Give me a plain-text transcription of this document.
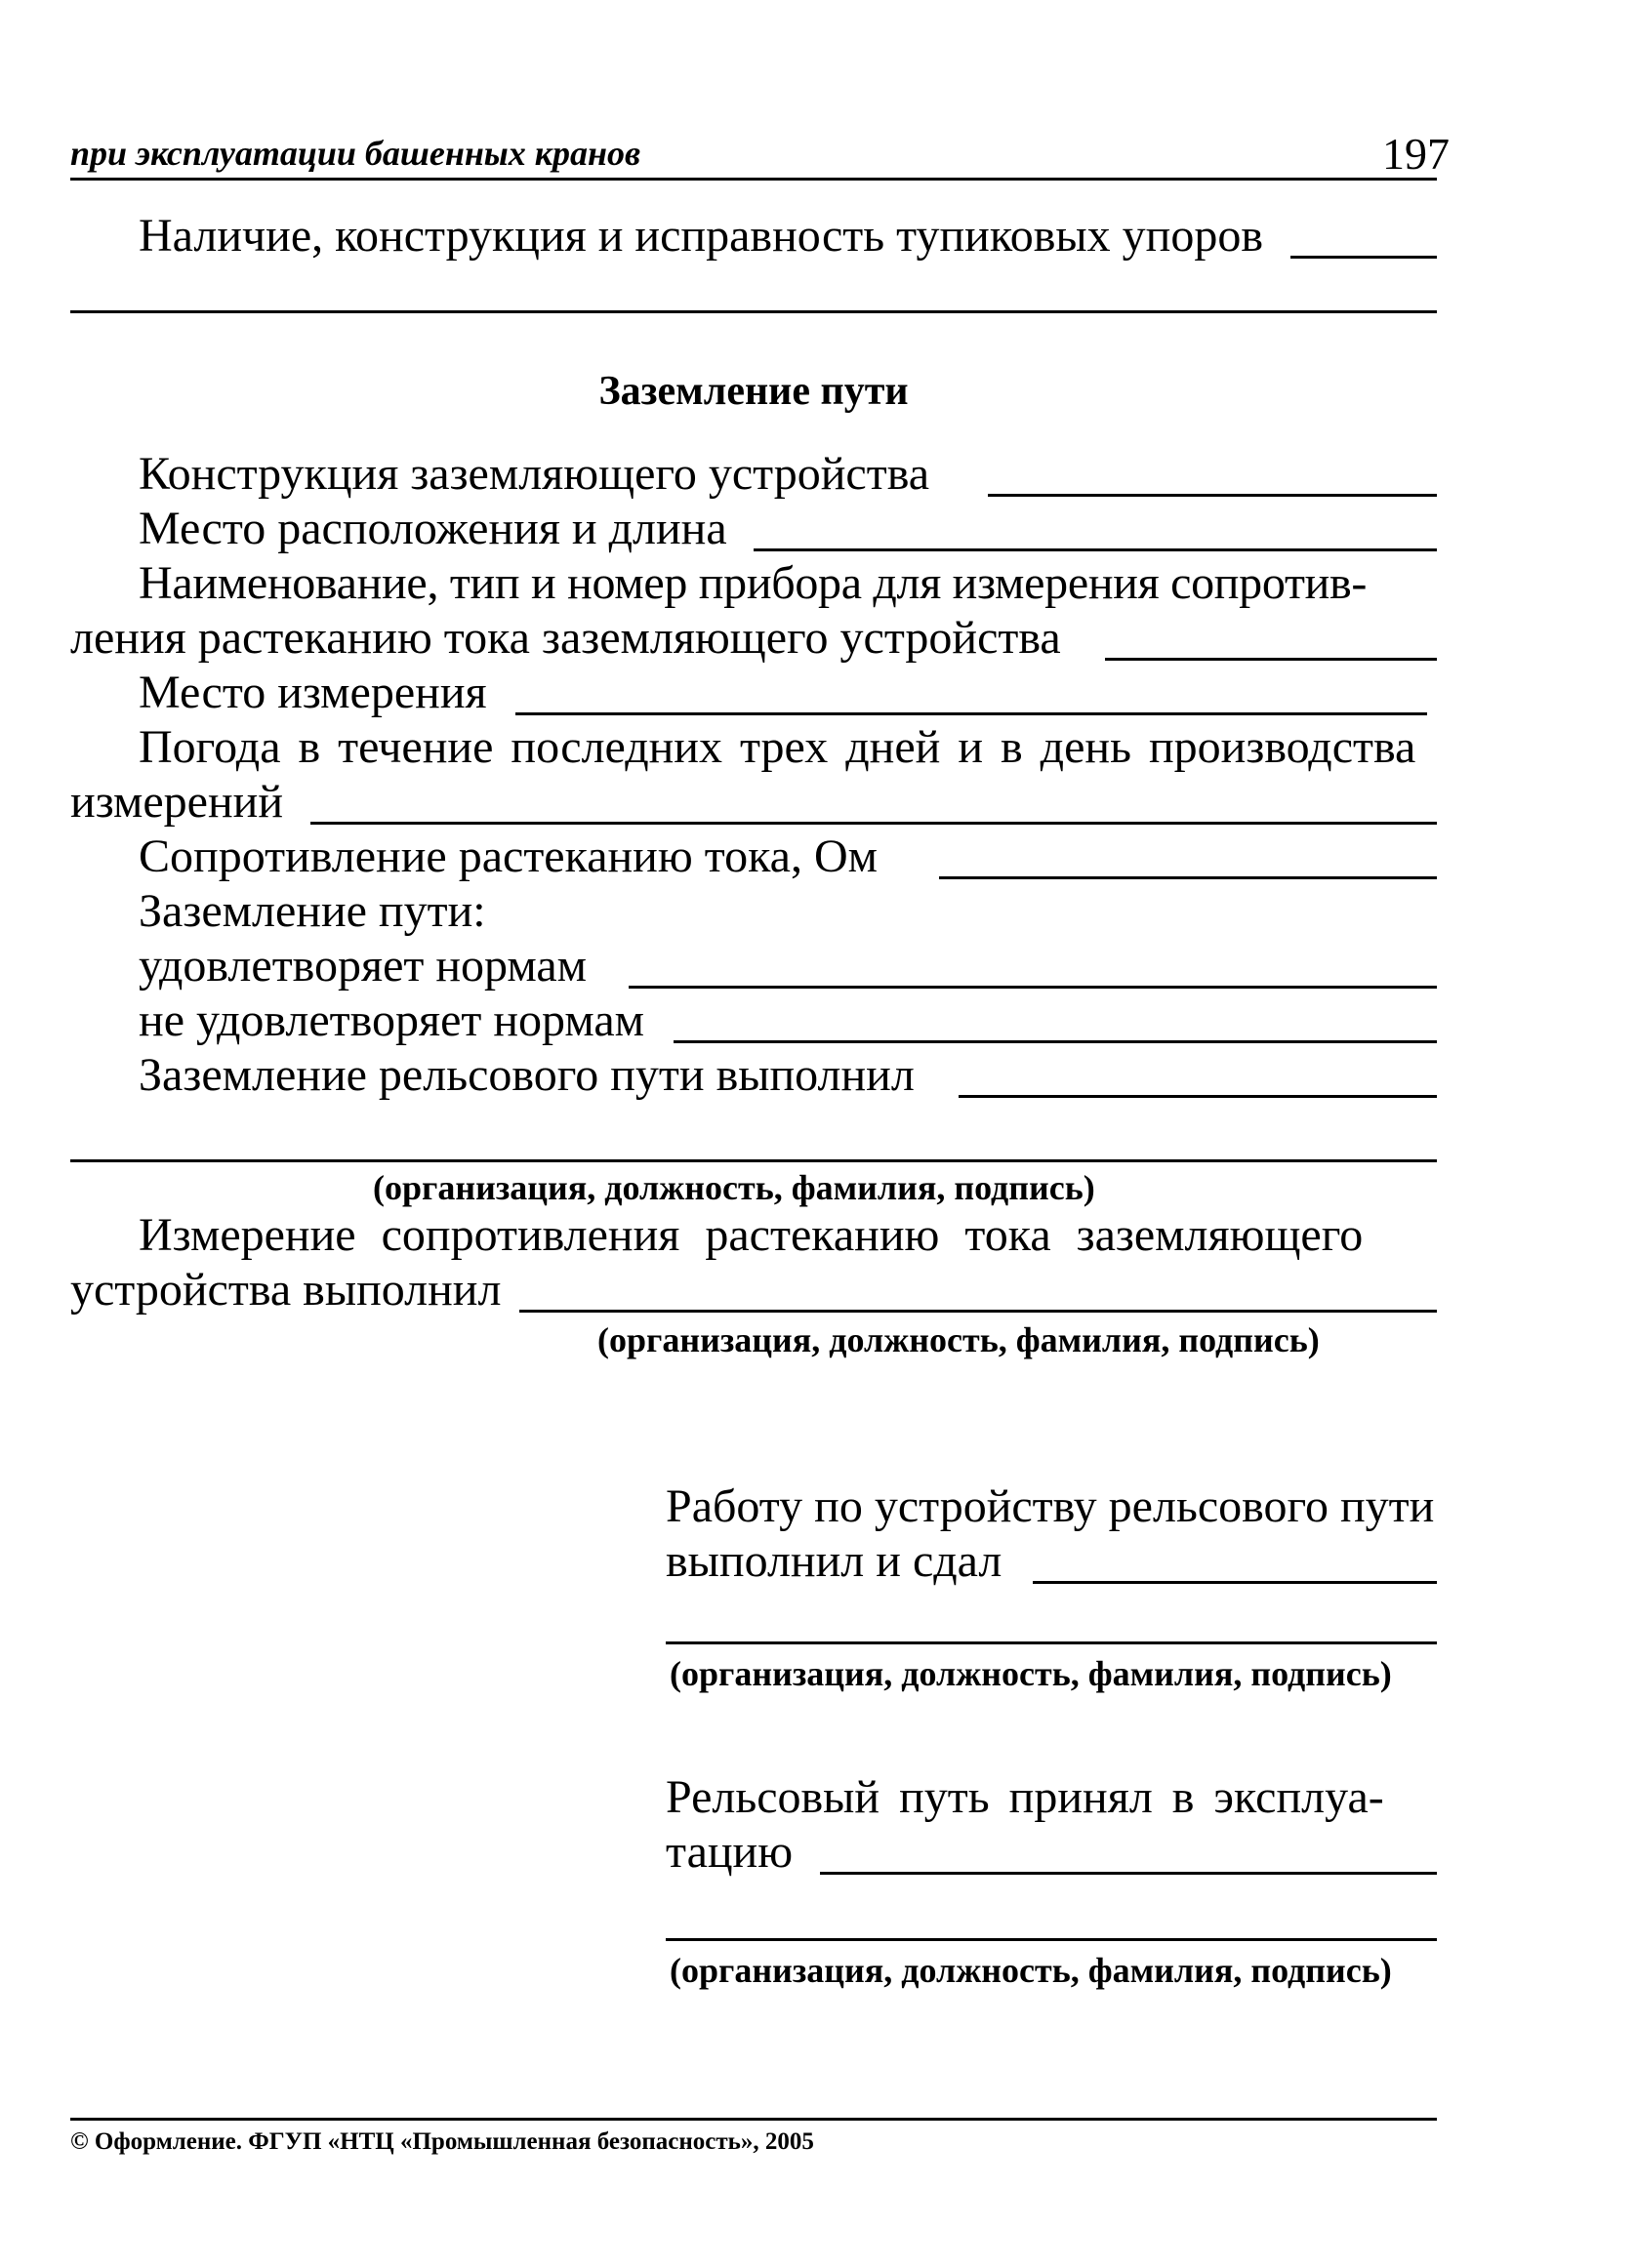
при эксплуатации башенных кранов	197
Наличие, конструкция и исправность тупиковых упоров
Заземление пути
Конструкция заземляющего устройства
Место расположения и длина
Наименование, тип и номер прибора для измерения сопротив-
ления растеканию тока заземляющего устройства
Место измерения
Погода в течение последних трех дней и в день производства
измерений
Сопротивление растеканию тока, Ом
Заземление пути:
удовлетворяет нормам
не удовлетворяет нормам
Заземление рельсового пути выполнил
(организация, должность, фамилия, подпись)
Измерение сопротивления растеканию тока заземляющего
устройства выполнил
(организация, должность, фамилия, подпись)
Работу по устройству рельсового пути
выполнил и сдал
(организация, должность, фамилия, подпись)
Рельсовый путь принял в эксплуа-
тацию
(организация, должность, фамилия, подпись)
© Оформление. ФГУП «НТЦ «Промышленная безопасность», 2005
